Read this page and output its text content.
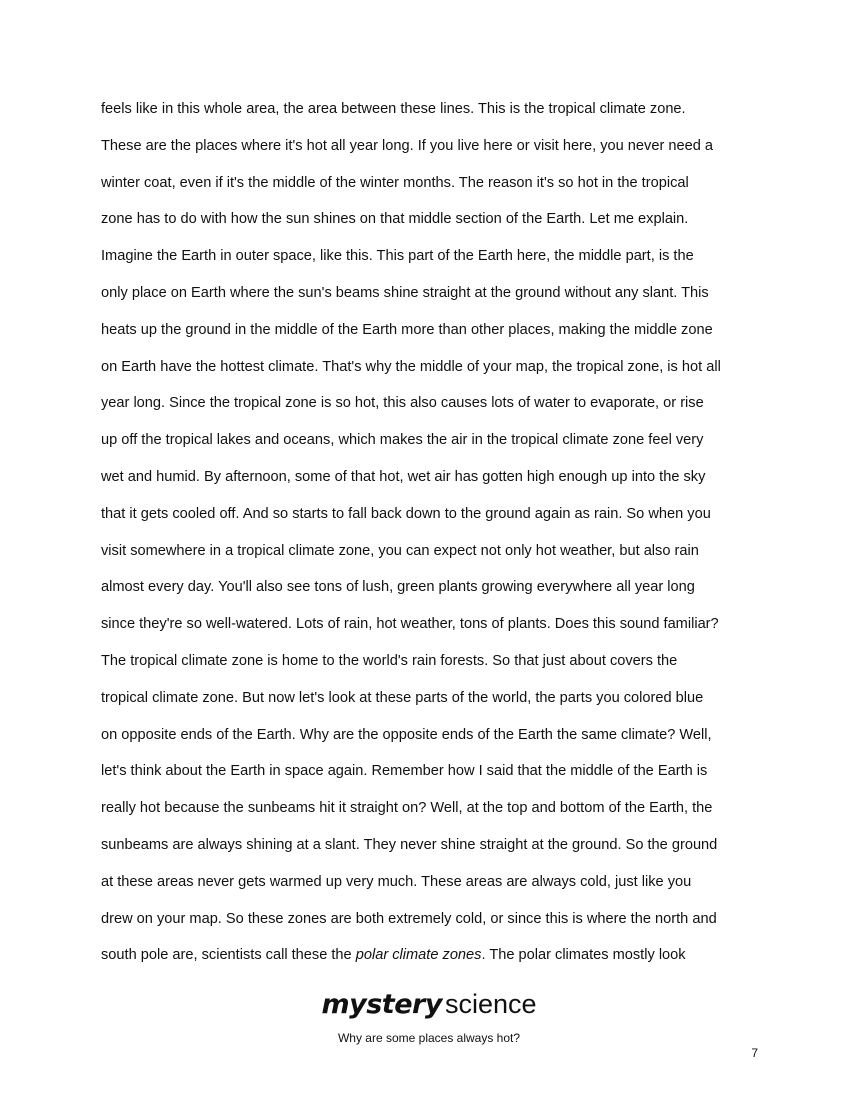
feels like in this whole area, the area between these lines. This is the tropical climate zone.
These are the places where it's hot all year long. If you live here or visit here, you never need a
winter coat, even if it's the middle of the winter months. The reason it's so hot in the tropical
zone has to do with how the sun shines on that middle section of the Earth. Let me explain.
Imagine the Earth in outer space, like this. This part of the Earth here, the middle part, is the
only place on Earth where the sun's beams shine straight at the ground without any slant. This
heats up the ground in the middle of the Earth more than other places, making the middle zone
on Earth have the hottest climate. That's why the middle of your map, the tropical zone, is hot all
year long. Since the tropical zone is so hot, this also causes lots of water to evaporate, or rise
up off the tropical lakes and oceans, which makes the air in the tropical climate zone feel very
wet and humid. By afternoon, some of that hot, wet air has gotten high enough up into the sky
that it gets cooled off. And so starts to fall back down to the ground again as rain. So when you
visit somewhere in a tropical climate zone, you can expect not only hot weather, but also rain
almost every day. You'll also see tons of lush, green plants growing everywhere all year long
since they're so well-watered. Lots of rain, hot weather, tons of plants. Does this sound familiar?
The tropical climate zone is home to the world's rain forests. So that just about covers the
tropical climate zone. But now let's look at these parts of the world, the parts you colored blue
on opposite ends of the Earth. Why are the opposite ends of the Earth the same climate? Well,
let's think about the Earth in space again. Remember how I said that the middle of the Earth is
really hot because the sunbeams hit it straight on? Well, at the top and bottom of the Earth, the
sunbeams are always shining at a slant. They never shine straight at the ground. So the ground
at these areas never gets warmed up very much. These areas are always cold, just like you
drew on your map. So these zones are both extremely cold, or since this is where the north and
south pole are, scientists call these the polar climate zones. The polar climates mostly look
mystery science
Why are some places always hot?
7
